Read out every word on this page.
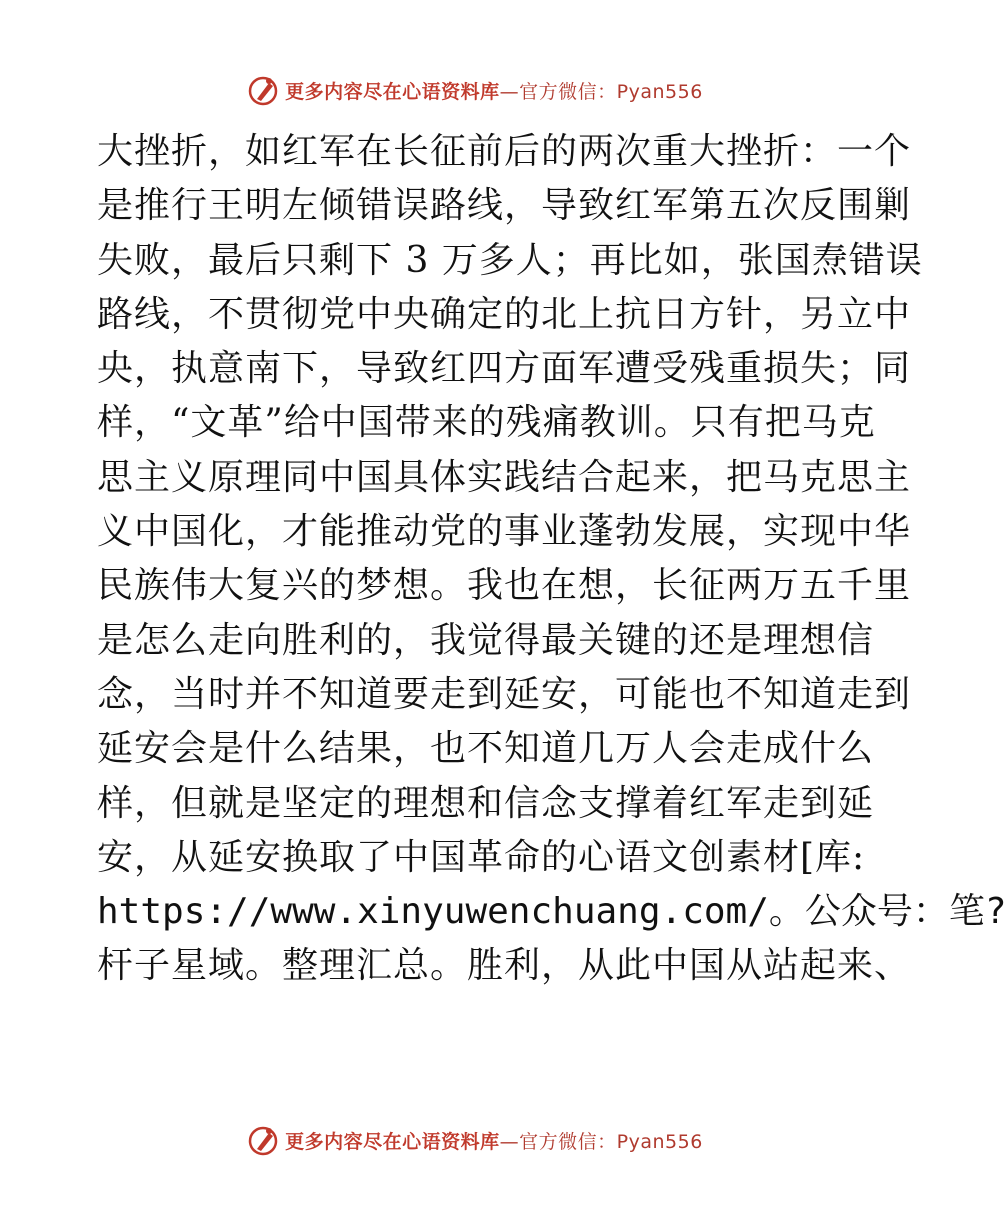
更多内容尽在心语资料库—官方微信：Pyan556
大挫折，如红军在长征前后的两次重大挫折：一个
是推行王明左倾错误路线，导致红军第五次反围剿
失败，最后只剩下 3 万多人；再比如，张国焘错误
路线，不贯彻党中央确定的北上抗日方针，另立中
央，执意南下，导致红四方面军遭受残重损失；同
样，“文革”给中国带来的残痛教训。只有把马克
思主义原理同中国具体实践结合起来，把马克思主
义中国化，才能推动党的事业蓬勃发展，实现中华
民族伟大复兴的梦想。我也在想，长征两万五千里
是怎么走向胜利的，我觉得最关键的还是理想信
念，当时并不知道要走到延安，可能也不知道走到
延安会是什么结果，也不知道几万人会走成什么
样，但就是坚定的理想和信念支撑着红军走到延
安，从延安换取了中国革命的心语文创素材[库:
https://www.xinyuwenchuang.com/。公众号：笔?
杆子星域。整理汇总。胜利，从此中国从站起来、
更多内容尽在心语资料库—官方微信：Pyan556
